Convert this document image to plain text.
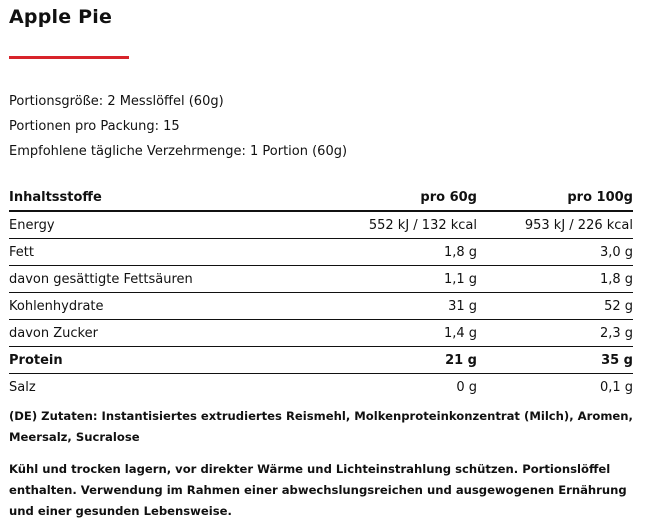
Apple Pie
Portionsgröße: 2 Messlöffel (60g)
Portionen pro Packung: 15
Empfohlene tägliche Verzehrmenge: 1 Portion (60g)
Inhaltsstoffe	pro 60g	pro 100g
Energy	552 kJ / 132 kcal	953 kJ / 226 kcal
Fett	1,8 g	3,0 g
davon gesättigte Fettsäuren	1,1 g	1,8 g
Kohlenhydrate	31 g	52 g
davon Zucker	1,4 g	2,3 g
Protein	21 g	35 g
Salz	0 g	0,1 g
(DE) Zutaten: Instantisiertes extrudiertes Reismehl, Molkenproteinkonzentrat (Milch), Aromen, Meersalz, Sucralose
Kühl und trocken lagern, vor direkter Wärme und Lichteinstrahlung schützen. Portionslöffel enthalten. Verwendung im Rahmen einer abwechslungsreichen und ausgewogenen Ernährung und einer gesunden Lebensweise.
